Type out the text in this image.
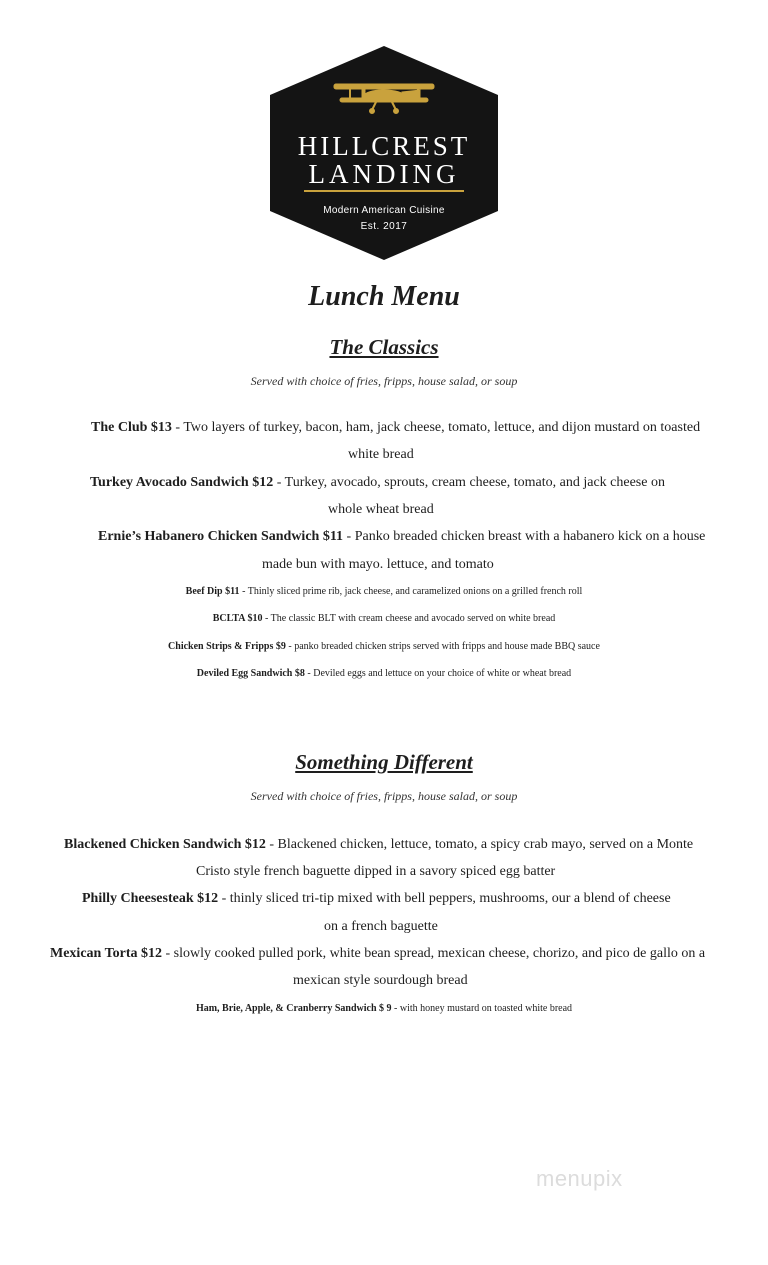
HILLCREST
LANDING
Modern American Cuisine
Est. 2017
Lunch Menu
The Classics
Served with choice of fries, fripps, house salad, or soup
The Club $13 - Two layers of turkey, bacon, ham, jack cheese, tomato, lettuce, and dijon mustard on toasted
white bread
Turkey Avocado Sandwich $12 - Turkey, avocado, sprouts, cream cheese, tomato, and jack cheese on
whole wheat bread
Ernie’s Habanero Chicken Sandwich $11 - Panko breaded chicken breast with a habanero kick on a house
made bun with mayo. lettuce, and tomato
Beef Dip $11 - Thinly sliced prime rib, jack cheese, and caramelized onions on a grilled french roll
BCLTA $10 - The classic BLT with cream cheese and avocado served on white bread
Chicken Strips & Fripps $9 - panko breaded chicken strips served with fripps and house made BBQ sauce
Deviled Egg Sandwich $8 - Deviled eggs and lettuce on your choice of white or wheat bread
Something Different
Served with choice of fries, fripps, house salad, or soup
Blackened Chicken Sandwich $12 - Blackened chicken, lettuce, tomato, a spicy crab mayo, served on a Monte
Cristo style french baguette dipped in a savory spiced egg batter
Philly Cheesesteak $12 - thinly sliced tri-tip mixed with bell peppers, mushrooms, our a blend of cheese
on a french baguette
Mexican Torta $12 - slowly cooked pulled pork, white bean spread, mexican cheese, chorizo, and pico de gallo on a
mexican style sourdough bread
Ham, Brie, Apple, & Cranberry Sandwich $ 9 - with honey mustard on toasted white bread
menupix
